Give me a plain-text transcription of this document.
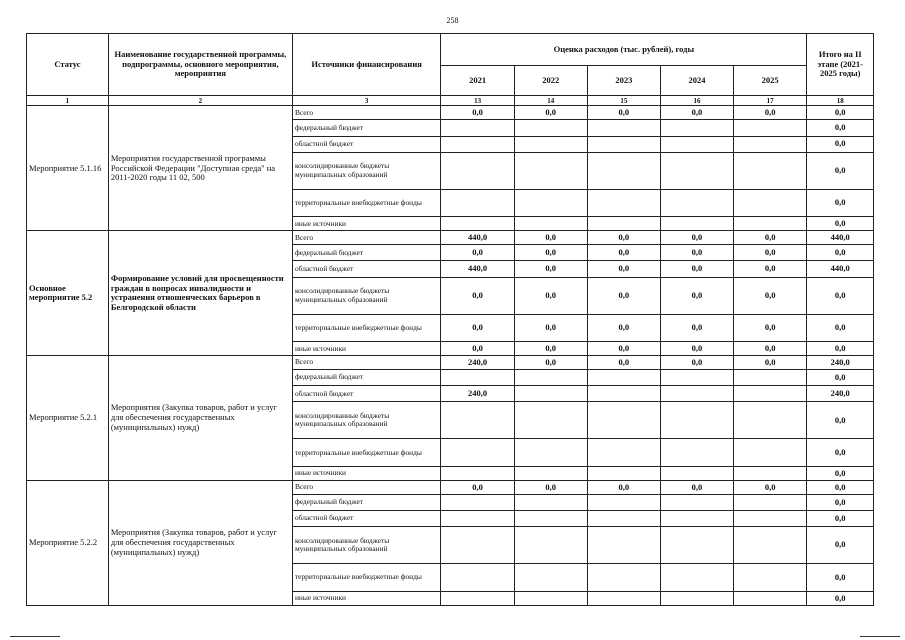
258
Статус	Наименование государственной программы, подпрограммы, основного мероприятия, мероприятия	Источники финансирования	Оценка расходов (тыс. рублей), годы					Итого на II этапе (2021-2025 годы)
			2021	2022	2023	2024	2025	
1	2	3	13	14	15	16	17	18
Мероприятие 5.1.16	Мероприятия государственной программы Российской Федерации "Доступная среда" на 2011-2020 годы 11 02, 500	Всего	0,0	0,0	0,0	0,0	0,0	0,0
		федеральный бюджет						0,0
		областной бюджет						0,0
		консолидированные бюджеты муниципальных образований						0,0
		территориальные внебюджетные фонды						0,0
		иные источники						0,0
Основное мероприятие 5.2	Формирование условий для просвещенности граждан в вопросах инвалидности и устранения отношенческих барьеров в Белгородской области	Всего	440,0	0,0	0,0	0,0	0,0	440,0
		федеральный бюджет	0,0	0,0	0,0	0,0	0,0	0,0
		областной бюджет	440,0	0,0	0,0	0,0	0,0	440,0
		консолидированные бюджеты муниципальных образований	0,0	0,0	0,0	0,0	0,0	0,0
		территориальные внебюджетные фонды	0,0	0,0	0,0	0,0	0,0	0,0
		иные источники	0,0	0,0	0,0	0,0	0,0	0,0
Мероприятие 5.2.1	Мероприятия (Закупка товаров, работ и услуг для обеспечения государственных (муниципальных) нужд)	Всего	240,0	0,0	0,0	0,0	0,0	240,0
		федеральный бюджет						0,0
		областной бюджет	240,0					240,0
		консолидированные бюджеты муниципальных образований						0,0
		территориальные внебюджетные фонды						0,0
		иные источники						0,0
Мероприятие 5.2.2	Мероприятия (Закупка товаров, работ и услуг для обеспечения государственных (муниципальных) нужд)	Всего	0,0	0,0	0,0	0,0	0,0	0,0
		федеральный бюджет						0,0
		областной бюджет						0,0
		консолидированные бюджеты муниципальных образований						0,0
		территориальные внебюджетные фонды						0,0
		иные источники						0,0
